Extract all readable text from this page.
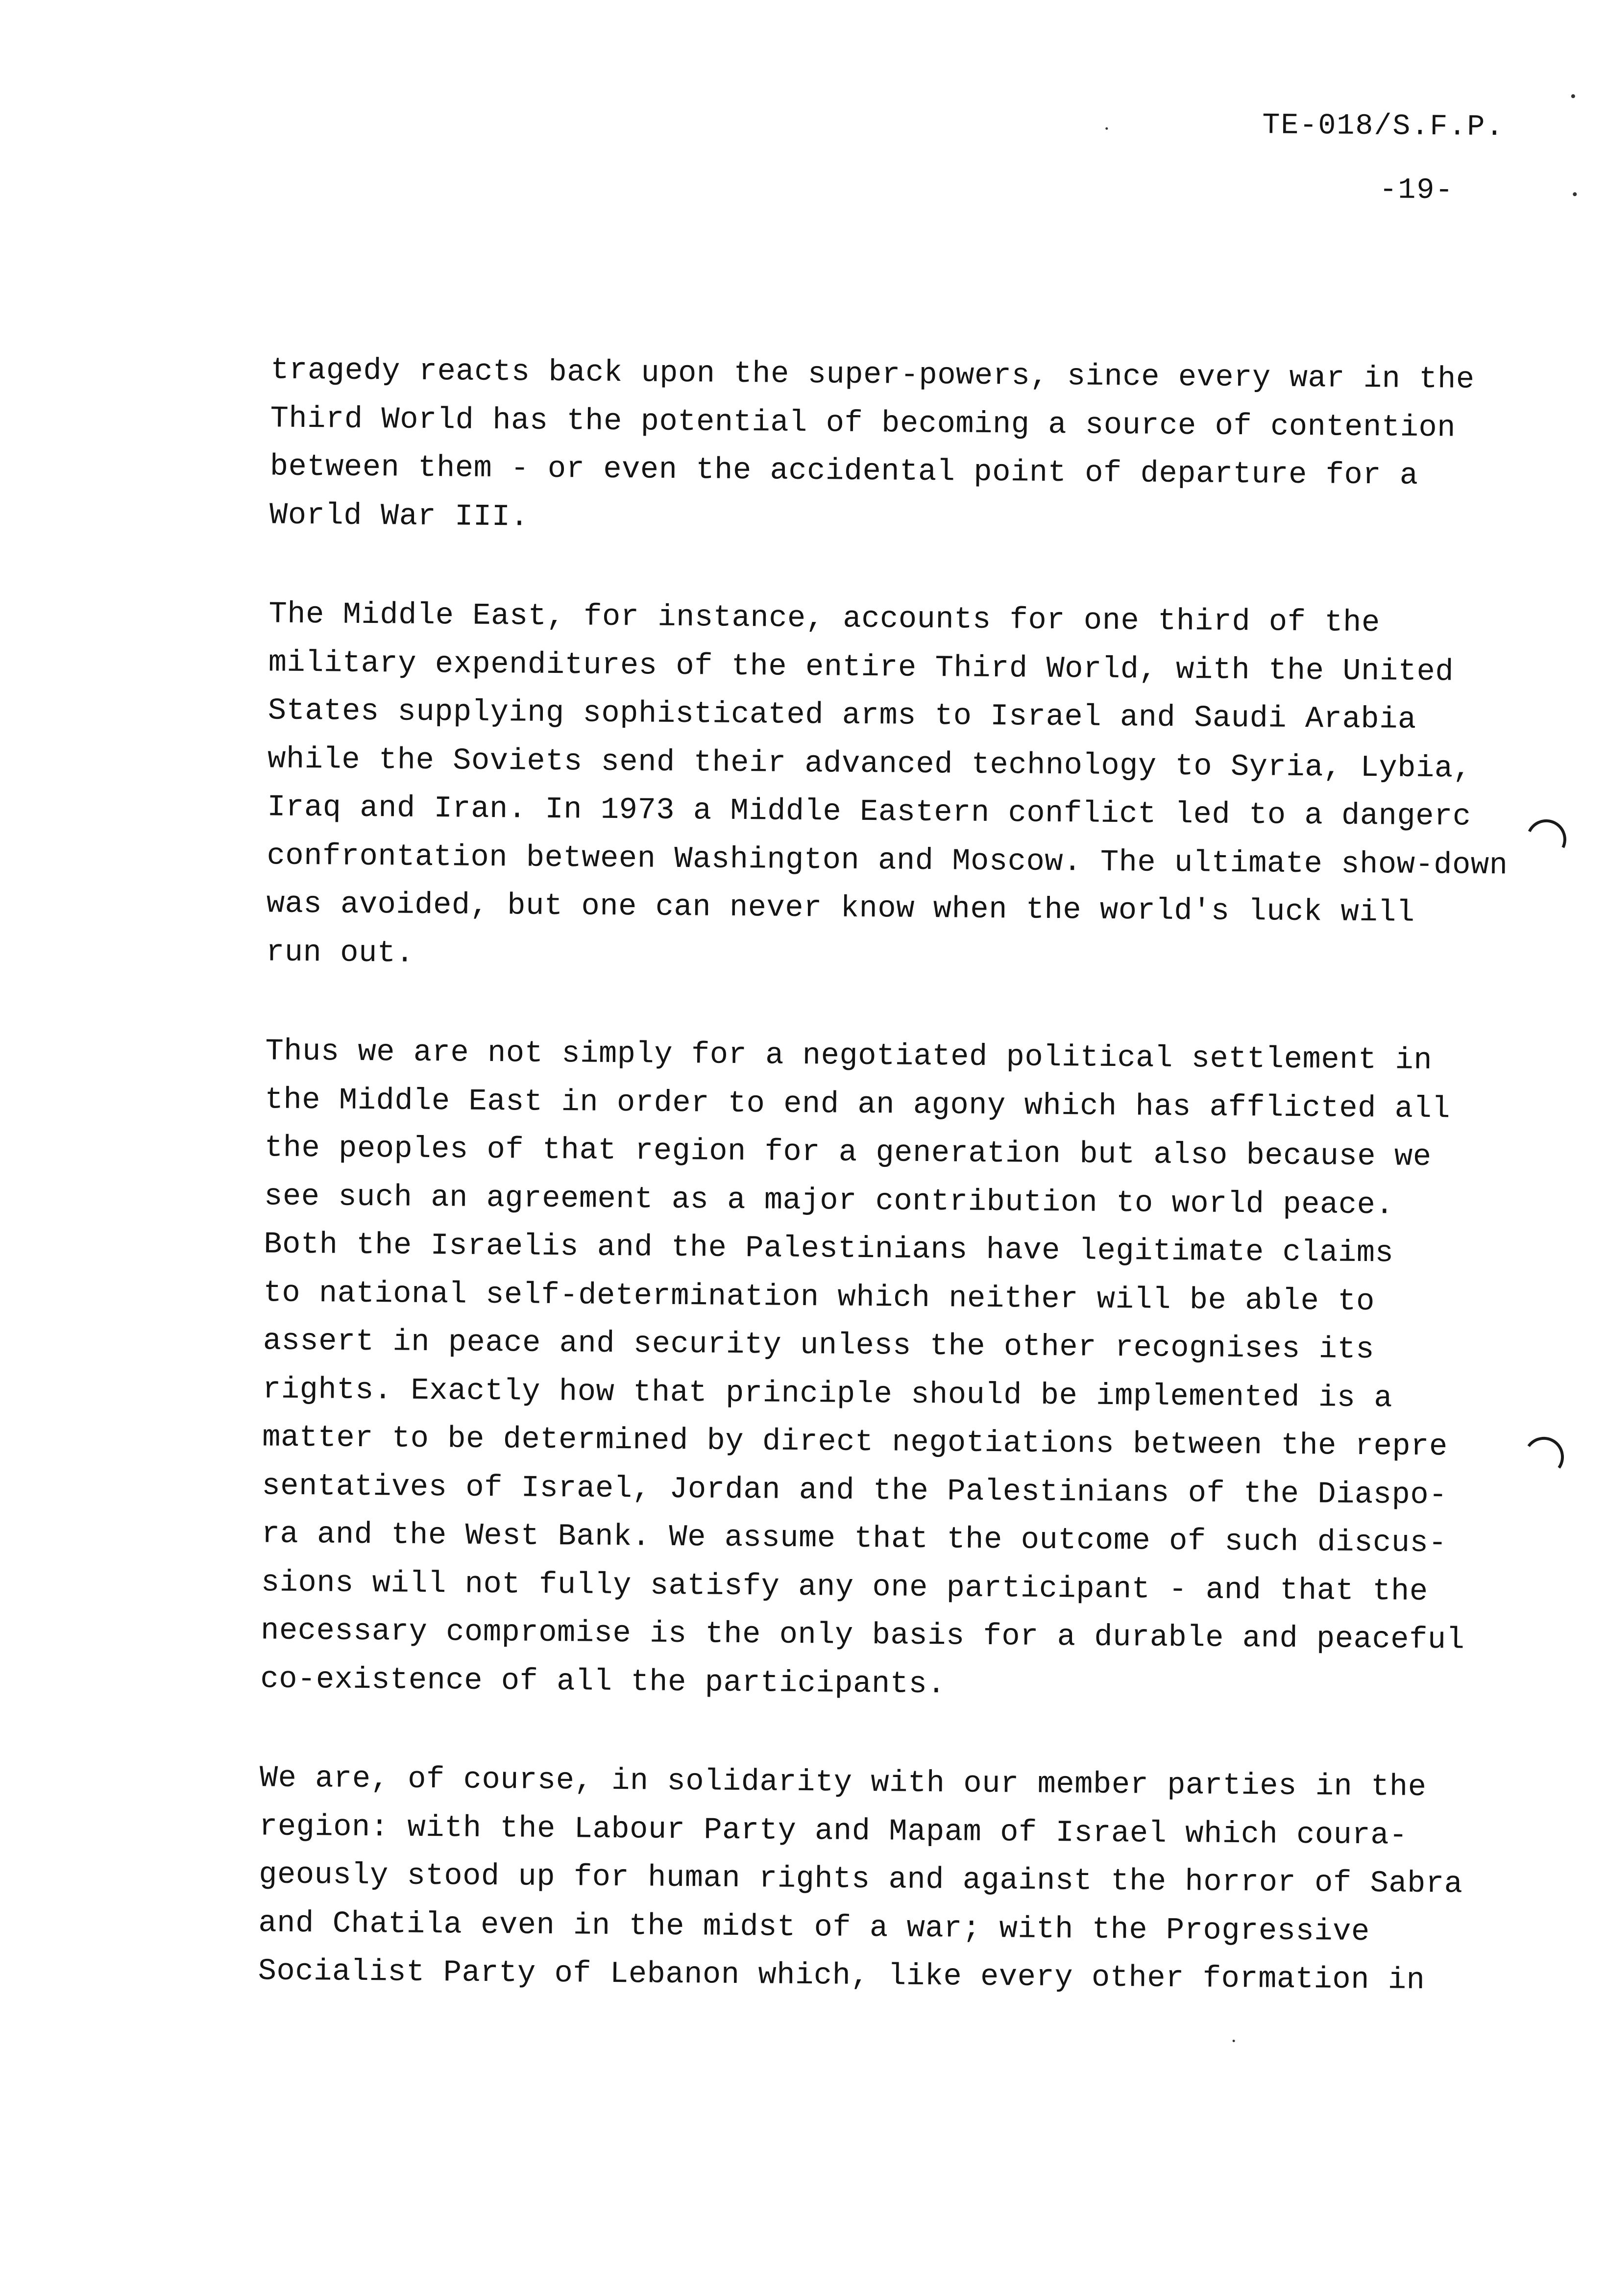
TE-018/S.F.P.
-19-

tragedy reacts back upon the super-powers, since every war in the
Third World has the potential of becoming a source of contention
between them - or even the accidental point of departure for a
World War III.

The Middle East, for instance, accounts for one third of the
military expenditures of the entire Third World, with the United
States supplying sophisticated arms to Israel and Saudi Arabia
while the Soviets send their advanced technology to Syria, Lybia,
Iraq and Iran. In 1973 a Middle Eastern conflict led to a dangerc
confrontation between Washington and Moscow. The ultimate show-down
was avoided, but one can never know when the world's luck will
run out.

Thus we are not simply for a negotiated political settlement in
the Middle East in order to end an agony which has afflicted all
the peoples of that region for a generation but also because we
see such an agreement as a major contribution to world peace.
Both the Israelis and the Palestinians have legitimate claims
to national self-determination which neither will be able to
assert in peace and security unless the other recognises its
rights. Exactly how that principle should be implemented is a
matter to be determined by direct negotiations between the repre
sentatives of Israel, Jordan and the Palestinians of the Diaspo-
ra and the West Bank. We assume that the outcome of such discus-
sions will not fully satisfy any one participant - and that the
necessary compromise is the only basis for a durable and peaceful
co-existence of all the participants.

We are, of course, in solidarity with our member parties in the
region: with the Labour Party and Mapam of Israel which coura-
geously stood up for human rights and against the horror of Sabra
and Chatila even in the midst of a war; with the Progressive
Socialist Party of Lebanon which, like every other formation in
